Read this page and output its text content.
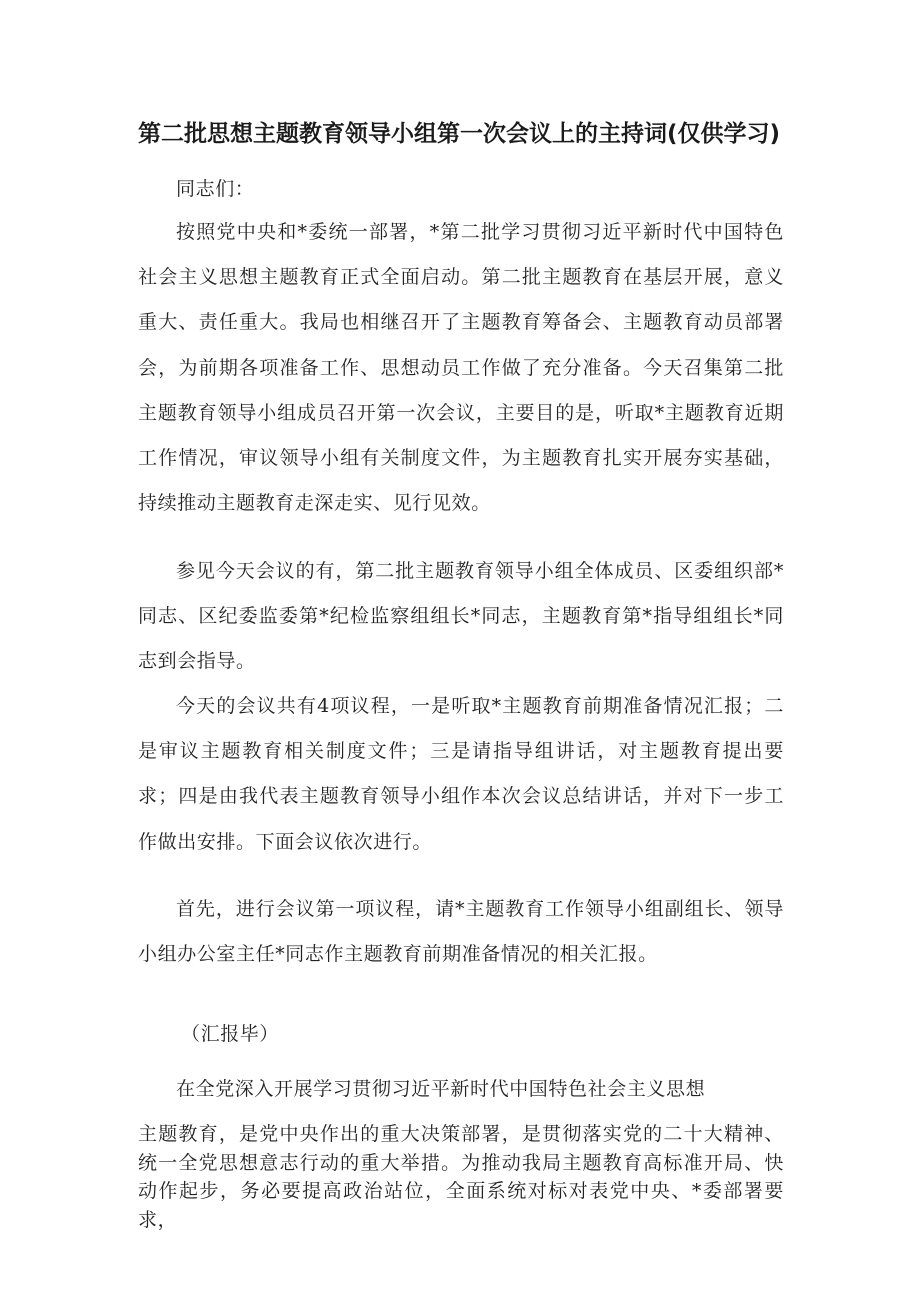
第二批思想主题教育领导小组第一次会议上的主持词(仅供学习)

同志们：

按照党中央和*委统一部署，*第二批学习贯彻习近平新时代中国特色社会主义思想主题教育正式全面启动。第二批主题教育在基层开展，意义重大、责任重大。我局也相继召开了主题教育筹备会、主题教育动员部署会，为前期各项准备工作、思想动员工作做了充分准备。今天召集第二批主题教育领导小组成员召开第一次会议，主要目的是，听取*主题教育近期工作情况，审议领导小组有关制度文件，为主题教育扎实开展夯实基础，持续推动主题教育走深走实、见行见效。

参见今天会议的有，第二批主题教育领导小组全体成员、区委组织部*同志、区纪委监委第*纪检监察组组长*同志，主题教育第*指导组组长*同志到会指导。

今天的会议共有4项议程，一是听取*主题教育前期准备情况汇报；二是审议主题教育相关制度文件；三是请指导组讲话，对主题教育提出要求；四是由我代表主题教育领导小组作本次会议总结讲话，并对下一步工作做出安排。下面会议依次进行。

首先，进行会议第一项议程，请*主题教育工作领导小组副组长、领导小组办公室主任*同志作主题教育前期准备情况的相关汇报。

（汇报毕）

在全党深入开展学习贯彻习近平新时代中国特色社会主义思想

主题教育，是党中央作出的重大决策部署，是贯彻落实党的二十大精神、统一全党思想意志行动的重大举措。为推动我局主题教育高标准开局、快动作起步，务必要提高政治站位，全面系统对标对表党中央、*委部署要求，
